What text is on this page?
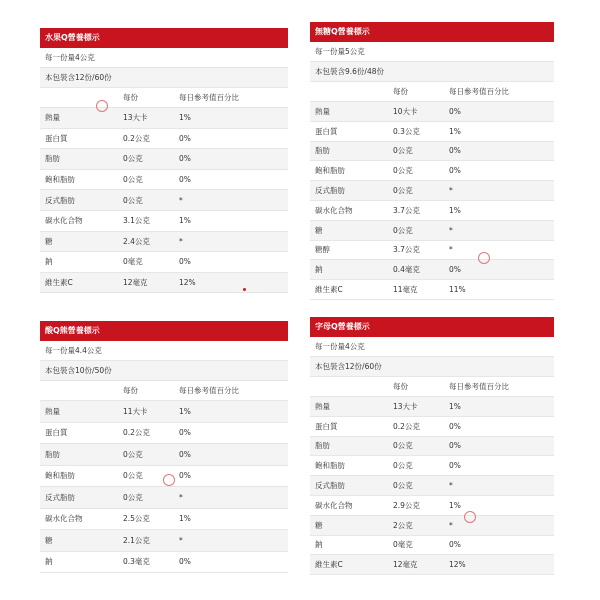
水果Q營養標示
每一份量4公克
本包裝含12份/60份
每份	每日參考值百分比
熱量	13大卡	1%
蛋白質	0.2公克	0%
脂肪	0公克	0%
飽和脂肪	0公克	0%
反式脂肪	0公克	*
碳水化合物	3.1公克	1%
糖	2.4公克	*
鈉	0毫克	0%
維生素C	12毫克	12%
無糖Q營養標示
每一份量5公克
本包裝含9.6份/48份
每份	每日參考值百分比
熱量	10大卡	0%
蛋白質	0.3公克	1%
脂肪	0公克	0%
飽和脂肪	0公克	0%
反式脂肪	0公克	*
碳水化合物	3.7公克	1%
糖	0公克	*
糖醇	3.7公克	*
鈉	0.4毫克	0%
維生素C	11毫克	11%
酸Q熊營養標示
每一份量4.4公克
本包裝含10份/50份
每份	每日參考值百分比
熱量	11大卡	1%
蛋白質	0.2公克	0%
脂肪	0公克	0%
飽和脂肪	0公克	0%
反式脂肪	0公克	*
碳水化合物	2.5公克	1%
糖	2.1公克	*
鈉	0.3毫克	0%
字母Q營養標示
每一份量4公克
本包裝含12份/60份
每份	每日參考值百分比
熱量	13大卡	1%
蛋白質	0.2公克	0%
脂肪	0公克	0%
飽和脂肪	0公克	0%
反式脂肪	0公克	*
碳水化合物	2.9公克	1%
糖	2公克	*
鈉	0毫克	0%
維生素C	12毫克	12%
